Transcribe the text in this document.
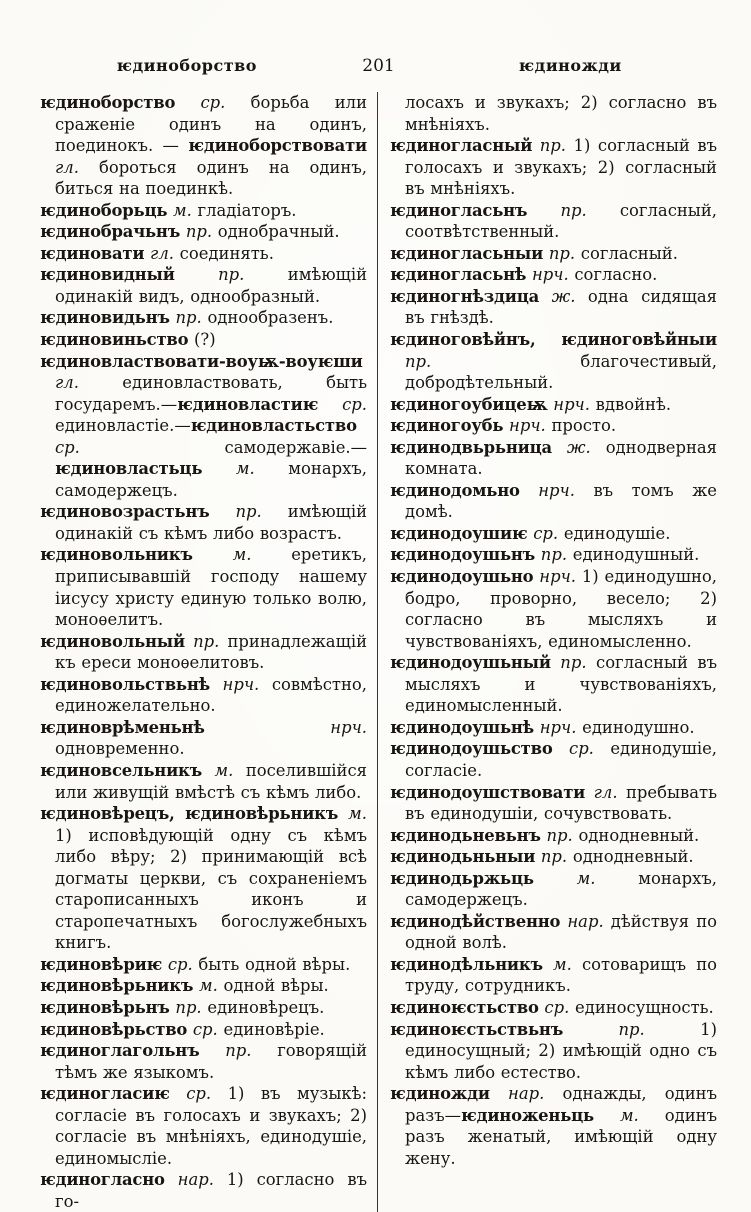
ѥдиноборство	201	ѥдиножди

ѥдиноборство ср. борьба или сраженіе одинъ на одинъ, поединокъ. — ѥдиноборствовати гл. бороться одинъ на одинъ, биться на поединкѣ.

ѥдиноборьць м. гладіаторъ.

ѥдинобрачьнъ пр. однобрачный.

ѥдиновати гл. соединять.

ѥдиновидный пр. имѣющій одинакій видъ, однообразный.

ѥдиновидьнъ пр. однообразенъ.

ѥдиновиньство (?)

ѥдиновластвовати-воуѭ-воуѥши гл. единовластвовать, быть государемъ.—ѥдиновластиѥ ср. единовластіе.—ѥдиновластьство ср. самодержавіе.—ѥдиновластьць м. монархъ, самодержецъ.

ѥдиновозрастьнъ пр. имѣющій одинакій съ кѣмъ либо возрастъ.

ѥдиновольникъ м. еретикъ, приписывавшій господу нашему іисусу христу единую только волю, моноѳелитъ.

ѥдиновольный пр. принадлежащій къ ереси моноѳелитовъ.

ѥдиновольствьнѣ нрч. совмѣстно, единожелательно.

ѥдиноврѣменьнѣ нрч. одновременно.

ѥдиновсельникъ м. поселившійся или живущій вмѣстѣ съ кѣмъ либо.

ѥдиновѣрецъ, ѥдиновѣрьникъ м. 1) исповѣдующій одну съ кѣмъ либо вѣру; 2) принимающій всѣ догматы церкви, съ сохраненіемъ старописанныхъ иконъ и старопечатныхъ богослужебныхъ книгъ.

ѥдиновѣриѥ ср. быть одной вѣры.

ѥдиновѣрьникъ м. одной вѣры.

ѥдиновѣрьнъ пр. единовѣрецъ.

ѥдиновѣрьство ср. единовѣріе.

ѥдиноглагольнъ пр. говорящій тѣмъ же языкомъ.

ѥдиногласиѥ ср. 1) въ музыкѣ: согласіе въ голосахъ и звукахъ; 2) согласіе въ мнѣніяхъ, единодушіе, единомысліе.

ѥдиногласно нар. 1) согласно въ го-

лосахъ и звукахъ; 2) согласно въ мнѣніяхъ.

ѥдиногласный пр. 1) согласный въ голосахъ и звукахъ; 2) согласный въ мнѣніяхъ.

ѥдиногласьнъ пр. согласный, соотвѣтственный.

ѥдиногласьныи пр. согласный.

ѥдиногласьнѣ нрч. согласно.

ѥдиногнѣздица ж. одна сидящая въ гнѣздѣ.

ѥдиноговѣйнъ, ѥдиноговѣйныи пр. благочестивый, добродѣтельный.

ѥдиногоубицеѭ нрч. вдвойнѣ.

ѥдиногоубь нрч. просто.

ѥдинодвьрьница ж. однодверная комната.

ѥдинодомьно нрч. въ томъ же домѣ.

ѥдинодоушиѥ ср. единодушіе.

ѥдинодоушьнъ пр. единодушный.

ѥдинодоушьно нрч. 1) единодушно, бодро, проворно, весело; 2) согласно въ мысляхъ и чувствованіяхъ, единомысленно.

ѥдинодоушьный пр. согласный въ мысляхъ и чувствованіяхъ, единомысленный.

ѥдинодоушьнѣ нрч. единодушно.

ѥдинодоушьство ср. единодушіе, согласіе.

ѥдинодоушствовати гл. пребывать въ единодушіи, сочувствовать.

ѥдинодьневьнъ пр. однодневный.

ѥдинодьньныи пр. однодневный.

ѥдинодьржьць м. монархъ, самодержецъ.

ѥдинодѣйственно нар. дѣйствуя по одной волѣ.

ѥдинодѣльникъ м. сотоварищъ по труду, сотрудникъ.

ѥдиноѥстьство ср. единосущность.

ѥдиноѥстьствьнъ пр. 1) единосущный; 2) имѣющій одно съ кѣмъ либо естество.

ѥдиножди нар. однажды, одинъ разъ—ѥдиноженьць м. одинъ разъ женатый, имѣющій одну жену.
